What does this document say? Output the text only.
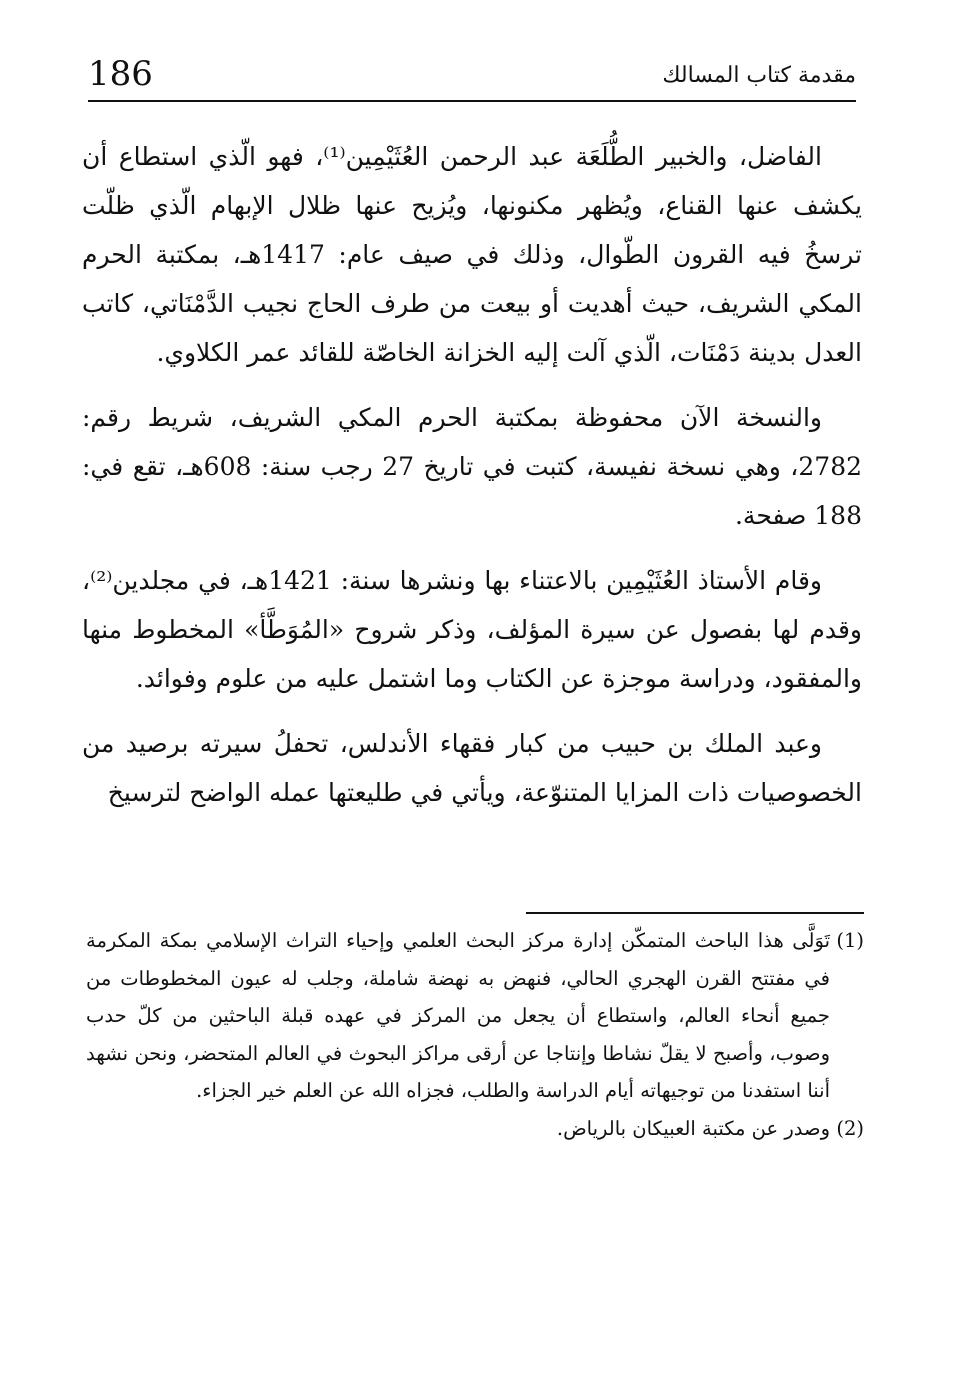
186	مقدمة كتاب المسالك

الفاضل، والخبير الطُّلَعَة عبد الرحمن العُثَيْمِين⁽¹⁾، فهو الّذي استطاع أن يكشف عنها القناع، ويُظهر مكنونها، ويُزيح عنها ظلال الإبهام الّذي ظلّت ترسخُ فيه القرون الطّوال، وذلك في صيف عام: 1417هـ، بمكتبة الحرم المكي الشريف، حيث أهديت أو بيعت من طرف الحاج نجيب الدَّمْنَاتي، كاتب العدل بدينة دَمْنَات، الّذي آلت إليه الخزانة الخاصّة للقائد عمر الكلاوي.

والنسخة الآن محفوظة بمكتبة الحرم المكي الشريف، شريط رقم: 2782، وهي نسخة نفيسة، كتبت في تاريخ 27 رجب سنة: 608هـ، تقع في: 188 صفحة.

وقام الأستاذ العُثَيْمِين بالاعتناء بها ونشرها سنة: 1421هـ، في مجلدين⁽²⁾، وقدم لها بفصول عن سيرة المؤلف، وذكر شروح «المُوَطَّأ» المخطوط منها والمفقود، ودراسة موجزة عن الكتاب وما اشتمل عليه من علوم وفوائد.

وعبد الملك بن حبيب من كبار فقهاء الأندلس، تحفلُ سيرته برصيد من الخصوصيات ذات المزايا المتنوّعة، ويأتي في طليعتها عمله الواضح لترسيخ

(1)
تَوَلَّى هذا الباحث المتمكّن إدارة مركز البحث العلمي وإحياء التراث الإسلامي بمكة المكرمة في مفتتح القرن الهجري الحالي، فنهض به نهضة شاملة، وجلب له عيون المخطوطات من جميع أنحاء العالم، واستطاع أن يجعل من المركز في عهده قبلة الباحثين من كلّ حدب وصوب، وأصبح لا يقلّ نشاطا وإنتاجا عن أرقى مراكز البحوث في العالم المتحضر، ونحن نشهد أننا استفدنا من توجيهاته أيام الدراسة والطلب، فجزاه الله عن العلم خير الجزاء.

(2)
وصدر عن مكتبة العبيكان بالرياض.
